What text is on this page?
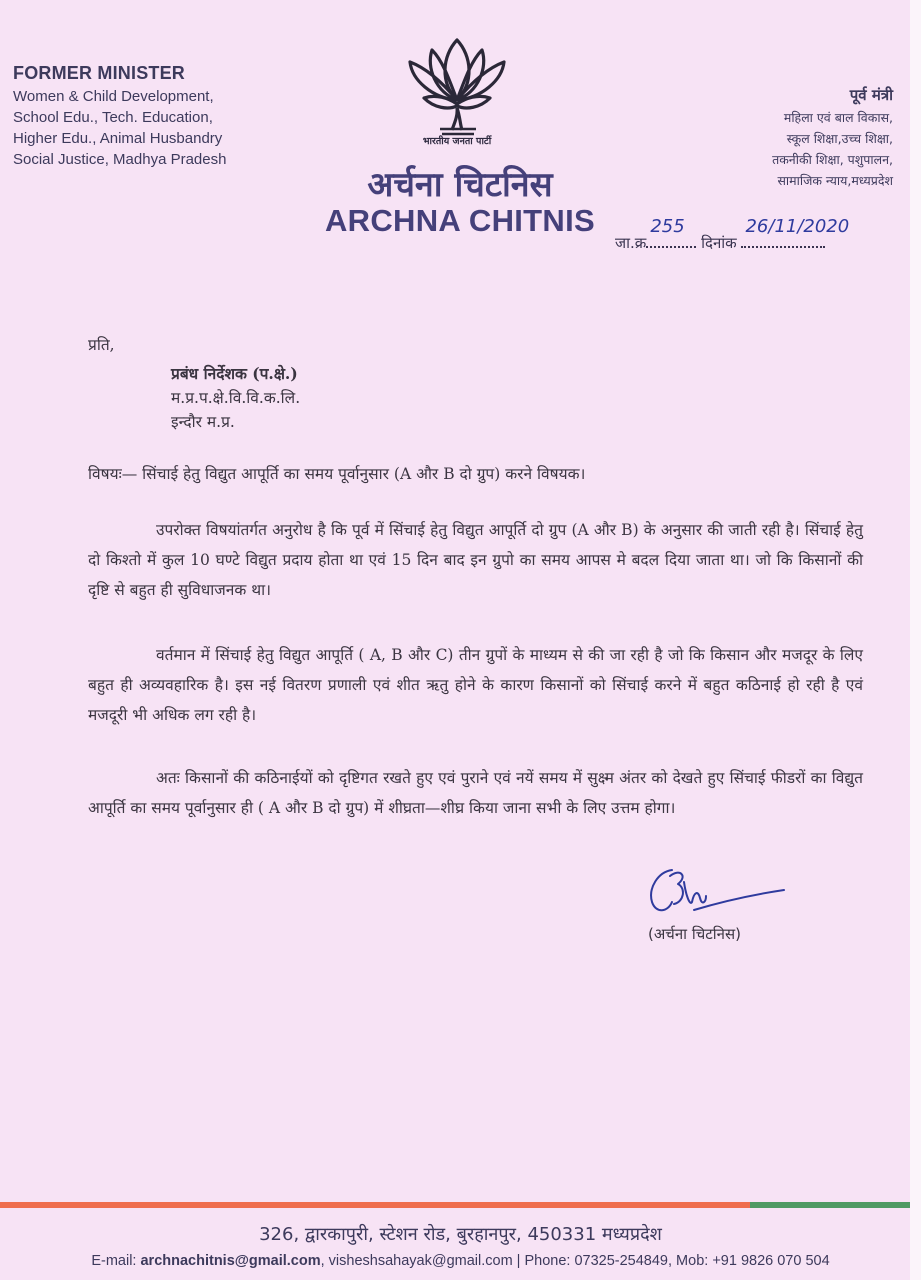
FORMER MINISTER
Women & Child Development,
School Edu., Tech. Education,
Higher Edu., Animal Husbandry
Social Justice, Madhya Pradesh
भारतीय जनता पार्टी
अर्चना चिटनिस
ARCHNA CHITNIS
पूर्व मंत्री
महिला एवं बाल विकास,
स्कूल शिक्षा,उच्च शिक्षा,
तकनीकी शिक्षा, पशुपालन,
सामाजिक न्याय,मध्यप्रदेश
जा.क्र
255
दिनांक
26/11/2020
प्रति,
प्रबंध निर्देशक (प.क्षे.)
म.प्र.प.क्षे.वि.वि.क.लि.
इन्दौर म.प्र.
विषयः— सिंचाई हेतु विद्युत आपूर्ति का समय पूर्वानुसार (A और B दो ग्रुप) करने विषयक।
उपरोक्त विषयांतर्गत अनुरोध है कि पूर्व में सिंचाई हेतु विद्युत आपूर्ति दो ग्रुप (A और B) के अनुसार की जाती रही है। सिंचाई हेतु दो किश्तो में कुल 10 घण्टे विद्युत प्रदाय होता था एवं 15 दिन बाद इन ग्रुपो का समय आपस मे बदल दिया जाता था। जो कि किसानों की दृष्टि से बहुत ही सुविधाजनक था।
वर्तमान में सिंचाई हेतु विद्युत आपूर्ति ( A, B और C) तीन ग्रुपों के माध्यम से की जा रही है जो कि किसान और मजदूर के लिए बहुत ही अव्यवहारिक है। इस नई वितरण प्रणाली एवं शीत ऋतु होने के कारण किसानों को सिंचाई करने में बहुत कठिनाई हो रही है एवं मजदूरी भी अधिक लग रही है।
अतः किसानों की कठिनाईयों को दृष्टिगत रखते हुए एवं पुराने एवं नयें समय में सुक्ष्म अंतर को देखते हुए सिंचाई फीडरों का विद्युत आपूर्ति का समय पूर्वानुसार ही ( A और B दो ग्रुप) में शीघ्रता—शीघ्र किया जाना सभी के लिए उत्तम होगा।
(अर्चना चिटनिस)
326, द्वारकापुरी, स्टेशन रोड, बुरहानपुर, 450331 मध्यप्रदेश
E-mail: archnachitnis@gmail.com, visheshsahayak@gmail.com | Phone: 07325-254849, Mob: +91 9826 070 504
